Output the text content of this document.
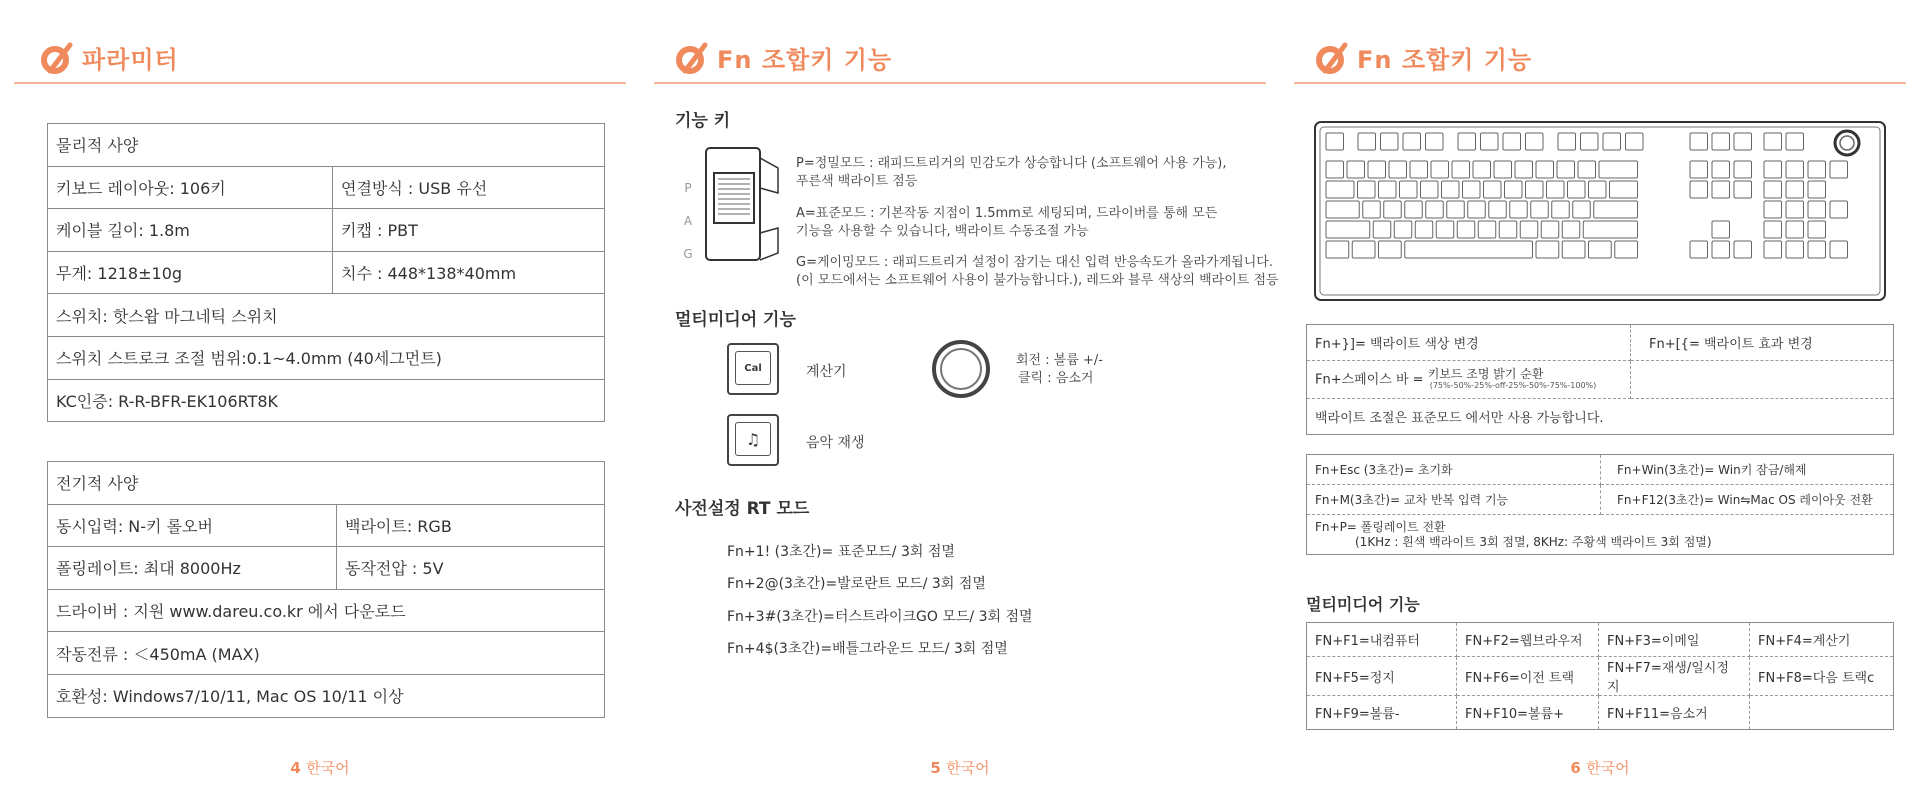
파라미터
물리적 사양	
키보드 레이아웃: 106키	연결방식 : USB 유선
케이블 길이: 1.8m	키캡 : PBT
무게: 1218±10g	치수 : 448*138*40mm
스위치: 핫스왑 마그네틱 스위치	
스위치 스트로크 조절 범위:0.1~4.0mm (40세그먼트)	
KC인증: R-R-BFR-EK106RT8K	
전기적 사양	
동시입력: N-키 롤오버	백라이트: RGB
폴링레이트: 최대 8000Hz	동작전압 : 5V
드라이버 : 지원 www.dareu.co.kr 에서 다운로드	
작동전류 : ＜450mA (MAX)	
호환성: Windows7/10/11, Mac OS 10/11 이상	
4 한국어
Fn 조합키 기능
기능 키
P
A
G
P=정밀모드 : 래피드트리거의 민감도가 상승합니다 (소프트웨어 사용 가능),
푸른색 백라이트 점등
A=표준모드 : 기본작동 지점이 1.5mm로 세팅되며, 드라이버를 통해 모든
기능을 사용할 수 있습니다, 백라이트 수동조절 가능
G=게이밍모드 : 래피드트리거 설정이 잠기는 대신 입력 반응속도가 올라가게됩니다.
(이 모드에서는 소프트웨어 사용이 불가능합니다.), 레드와 블루 색상의 백라이트 점등
멀티미디어 기능
Cal	계산기
♫	음악 재생
회전 : 볼륨 +/-
클릭 : 음소거
사전설정 RT 모드
Fn+1! (3초간)= 표준모드/ 3회 점멸
Fn+2@(3초간)=발로란트 모드/ 3회 점멸
Fn+3#(3초간)=터스트라이크GO 모드/ 3회 점멸
Fn+4$(3초간)=배틀그라운드 모드/ 3회 점멸
5 한국어
Fn 조합키 기능
Fn+}]= 백라이트 색상 변경	Fn+[{= 백라이트 효과 변경
Fn+스페이스 바 = 키보드 조명 밝기 순환
(75%-50%-25%-off-25%-50%-75%-100%)	

백라이트 조절은 표준모드 에서만 사용 가능합니다.	
Fn+Esc (3초간)= 초기화	Fn+Win(3초간)= Win키 잠금/해제
Fn+M(3초간)= 교차 반복 입력 기능	Fn+F12(3초간)= Win⇋Mac OS 레이아웃 전환

Fn+P= 폴링레이트 전환
(1KHz : 흰색 백라이트 3회 점멸, 8KHz: 주황색 백라이트 3회 점멸)	
멀티미디어 기능
FN+F1=내컴퓨터	FN+F2=웹브라우저	FN+F3=이메일	FN+F4=계산기
FN+F5=정지	FN+F6=이전 트랙	FN+F7=재생/일시정지	FN+F8=다음 트랙c
FN+F9=볼륨-	FN+F10=볼륨+	FN+F11=음소거	
6 한국어
